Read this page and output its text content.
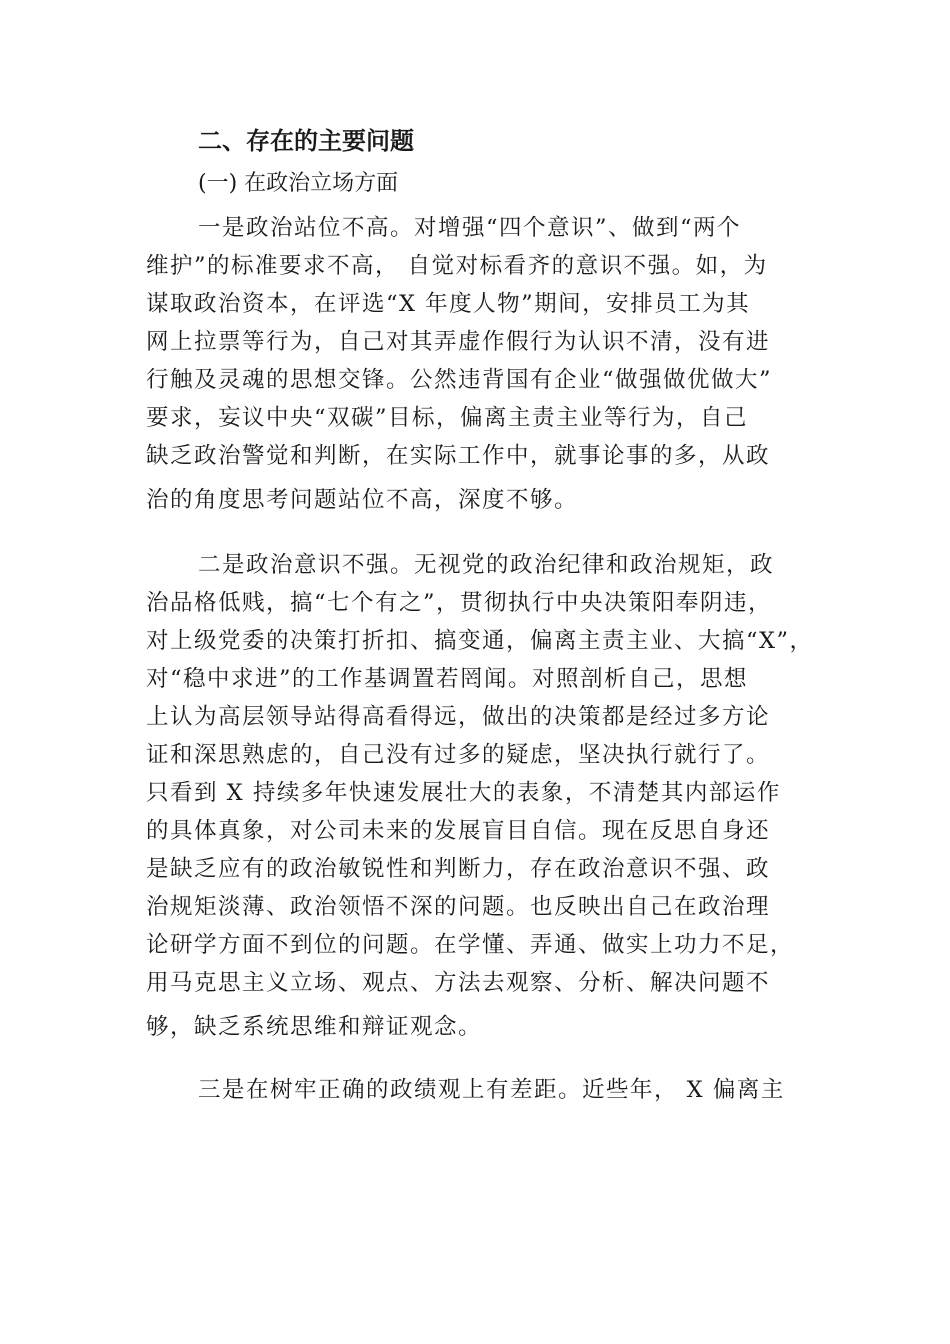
二、存在的主要问题
(一) 在政治立场方面
一是政治站位不高。对增强“四个意识”、做到“两个
维护”的标准要求不高， 自觉对标看齐的意识不强。如，为
谋取政治资本，在评选“X 年度人物”期间，安排员工为其
网上拉票等行为，自己对其弄虚作假行为认识不清，没有进
行触及灵魂的思想交锋。公然违背国有企业“做强做优做大”
要求，妄议中央“双碳”目标，偏离主责主业等行为，自己
缺乏政治警觉和判断，在实际工作中，就事论事的多，从政
治的角度思考问题站位不高，深度不够。
二是政治意识不强。无视党的政治纪律和政治规矩，政
治品格低贱，搞“七个有之”，贯彻执行中央决策阳奉阴违，
对上级党委的决策打折扣、搞变通，偏离主责主业、大搞“X”，
对“稳中求进”的工作基调置若罔闻。对照剖析自己，思想
上认为高层领导站得高看得远，做出的决策都是经过多方论
证和深思熟虑的，自己没有过多的疑虑，坚决执行就行了。
只看到 X 持续多年快速发展壮大的表象，不清楚其内部运作
的具体真象，对公司未来的发展盲目自信。现在反思自身还
是缺乏应有的政治敏锐性和判断力，存在政治意识不强、政
治规矩淡薄、政治领悟不深的问题。也反映出自己在政治理
论研学方面不到位的问题。在学懂、弄通、做实上功力不足，
用马克思主义立场、观点、方法去观察、分析、解决问题不
够，缺乏系统思维和辩证观念。
三是在树牢正确的政绩观上有差距。近些年， X 偏离主
